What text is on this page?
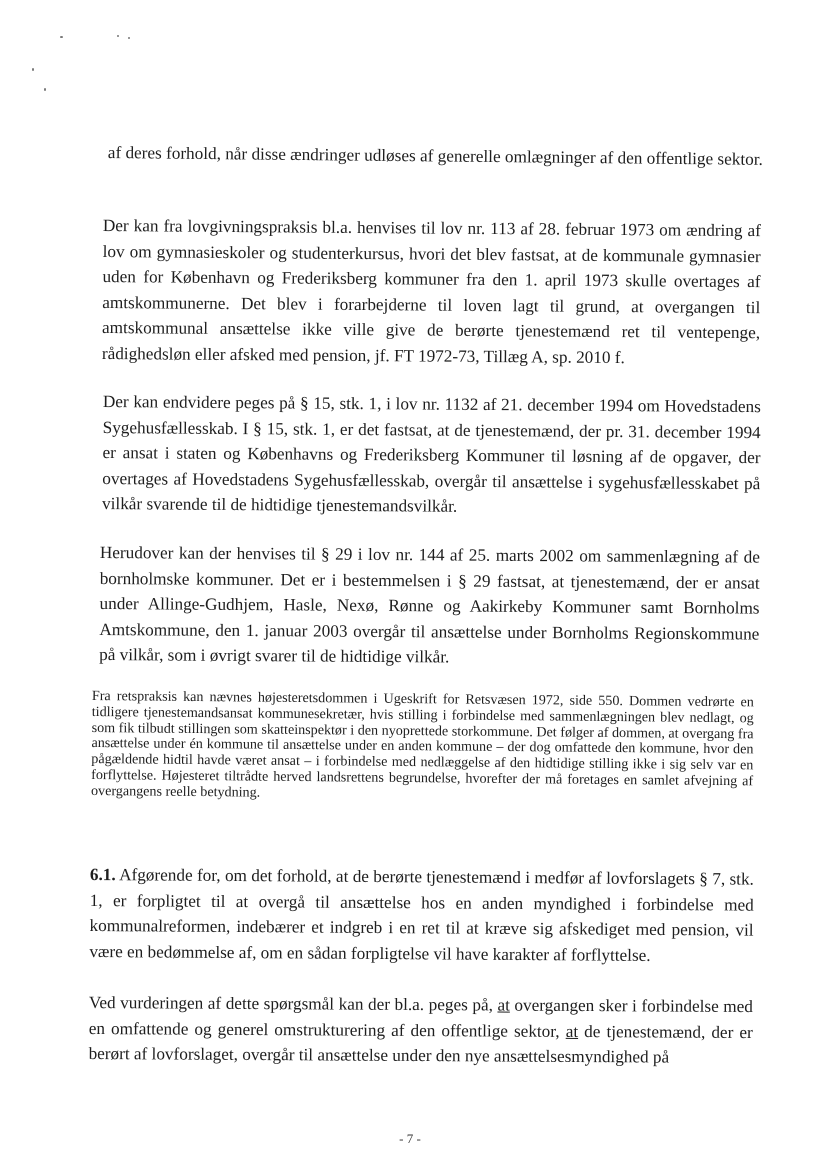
af deres forhold, når disse ændringer udløses af generelle omlægninger af den offentlige sektor.

Der kan fra lovgivningspraksis bl.a. henvises til lov nr. 113 af 28. februar 1973 om ændring af lov om gymnasieskoler og studenterkursus, hvori det blev fastsat, at de kommunale gymnasier uden for København og Frederiksberg kommuner fra den 1. april 1973 skulle overtages af amtskommunerne. Det blev i forarbejderne til loven lagt til grund, at overgangen til amtskommunal ansættelse ikke ville give de berørte tjenestemænd ret til ventepenge, rådighedsløn eller afsked med pension, jf. FT 1972-73, Tillæg A, sp. 2010 f.

Der kan endvidere peges på § 15, stk. 1, i lov nr. 1132 af 21. december 1994 om Hovedstadens Sygehusfællesskab. I § 15, stk. 1, er det fastsat, at de tjenestemænd, der pr. 31. december 1994 er ansat i staten og Københavns og Frederiksberg Kommuner til løsning af de opgaver, der overtages af Hovedstadens Sygehusfællesskab, overgår til ansættelse i sygehusfællesskabet på vilkår svarende til de hidtidige tjenestemandsvilkår.

Herudover kan der henvises til § 29 i lov nr. 144 af 25. marts 2002 om sammenlægning af de bornholmske kommuner. Det er i bestemmelsen i § 29 fastsat, at tjenestemænd, der er ansat under Allinge-Gudhjem, Hasle, Nexø, Rønne og Aakirkeby Kommuner samt Bornholms Amtskommune, den 1. januar 2003 overgår til ansættelse under Bornholms Regionskommune på vilkår, som i øvrigt svarer til de hidtidige vilkår.

Fra retspraksis kan nævnes højesteretsdommen i Ugeskrift for Retsvæsen 1972, side 550. Dommen vedrørte en tidligere tjenestemandsansat kommunesekretær, hvis stilling i forbindelse med sammenlægningen blev nedlagt, og som fik tilbudt stillingen som skatteinspektør i den nyoprettede storkommune. Det følger af dommen, at overgang fra ansættelse under én kommune til ansættelse under en anden kommune – der dog omfattede den kommune, hvor den pågældende hidtil havde været ansat – i forbindelse med nedlæggelse af den hidtidige stilling ikke i sig selv var en forflyttelse. Højesteret tiltrådte herved landsrettens begrundelse, hvorefter der må foretages en samlet afvejning af overgangens reelle betydning.

6.1. Afgørende for, om det forhold, at de berørte tjenestemænd i medfør af lovforslagets § 7, stk. 1, er forpligtet til at overgå til ansættelse hos en anden myndighed i forbindelse med kommunalreformen, indebærer et indgreb i en ret til at kræve sig afskediget med pension, vil være en bedømmelse af, om en sådan forpligtelse vil have karakter af forflyttelse.

Ved vurderingen af dette spørgsmål kan der bl.a. peges på, at overgangen sker i forbindelse med en omfattende og generel omstrukturering af den offentlige sektor, at de tjenestemænd, der er berørt af lovforslaget, overgår til ansættelse under den nye ansættelsesmyndighed på

- 7 -
